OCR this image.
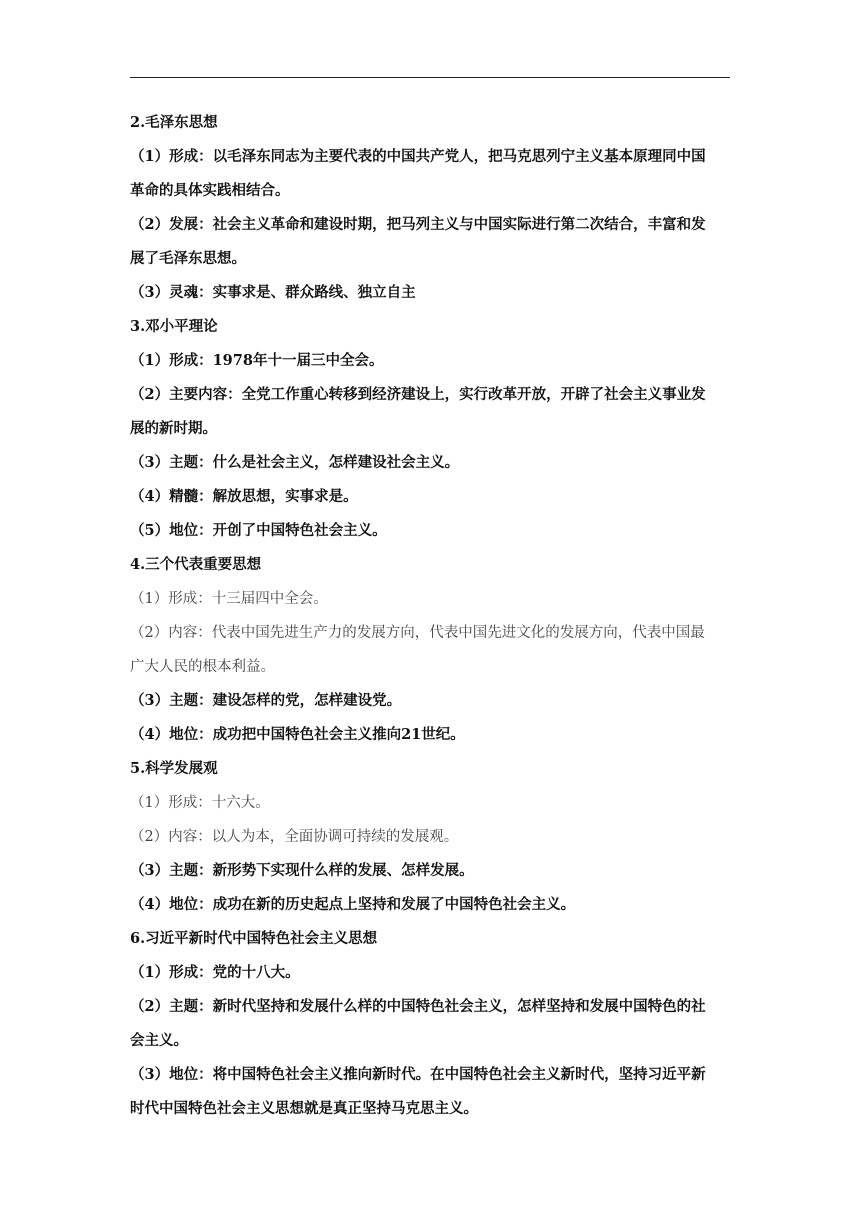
2.毛泽东思想
（1）形成：以毛泽东同志为主要代表的中国共产党人，把马克思列宁主义基本原理同中国
革命的具体实践相结合。
（2）发展：社会主义革命和建设时期，把马列主义与中国实际进行第二次结合，丰富和发
展了毛泽东思想。
（3）灵魂：实事求是、群众路线、独立自主
3.邓小平理论
（1）形成：1978年十一届三中全会。
（2）主要内容：全党工作重心转移到经济建设上，实行改革开放，开辟了社会主义事业发
展的新时期。
（3）主题：什么是社会主义，怎样建设社会主义。
（4）精髓：解放思想，实事求是。
（5）地位：开创了中国特色社会主义。
4.三个代表重要思想
（1）形成：十三届四中全会。
（2）内容：代表中国先进生产力的发展方向，代表中国先进文化的发展方向，代表中国最
广大人民的根本利益。
（3）主题：建设怎样的党，怎样建设党。
（4）地位：成功把中国特色社会主义推向21世纪。
5.科学发展观
（1）形成：十六大。
（2）内容：以人为本，全面协调可持续的发展观。
（3）主题：新形势下实现什么样的发展、怎样发展。
（4）地位：成功在新的历史起点上坚持和发展了中国特色社会主义。
6.习近平新时代中国特色社会主义思想
（1）形成：党的十八大。
（2）主题：新时代坚持和发展什么样的中国特色社会主义，怎样坚持和发展中国特色的社
会主义。
（3）地位：将中国特色社会主义推向新时代。在中国特色社会主义新时代，坚持习近平新
时代中国特色社会主义思想就是真正坚持马克思主义。
